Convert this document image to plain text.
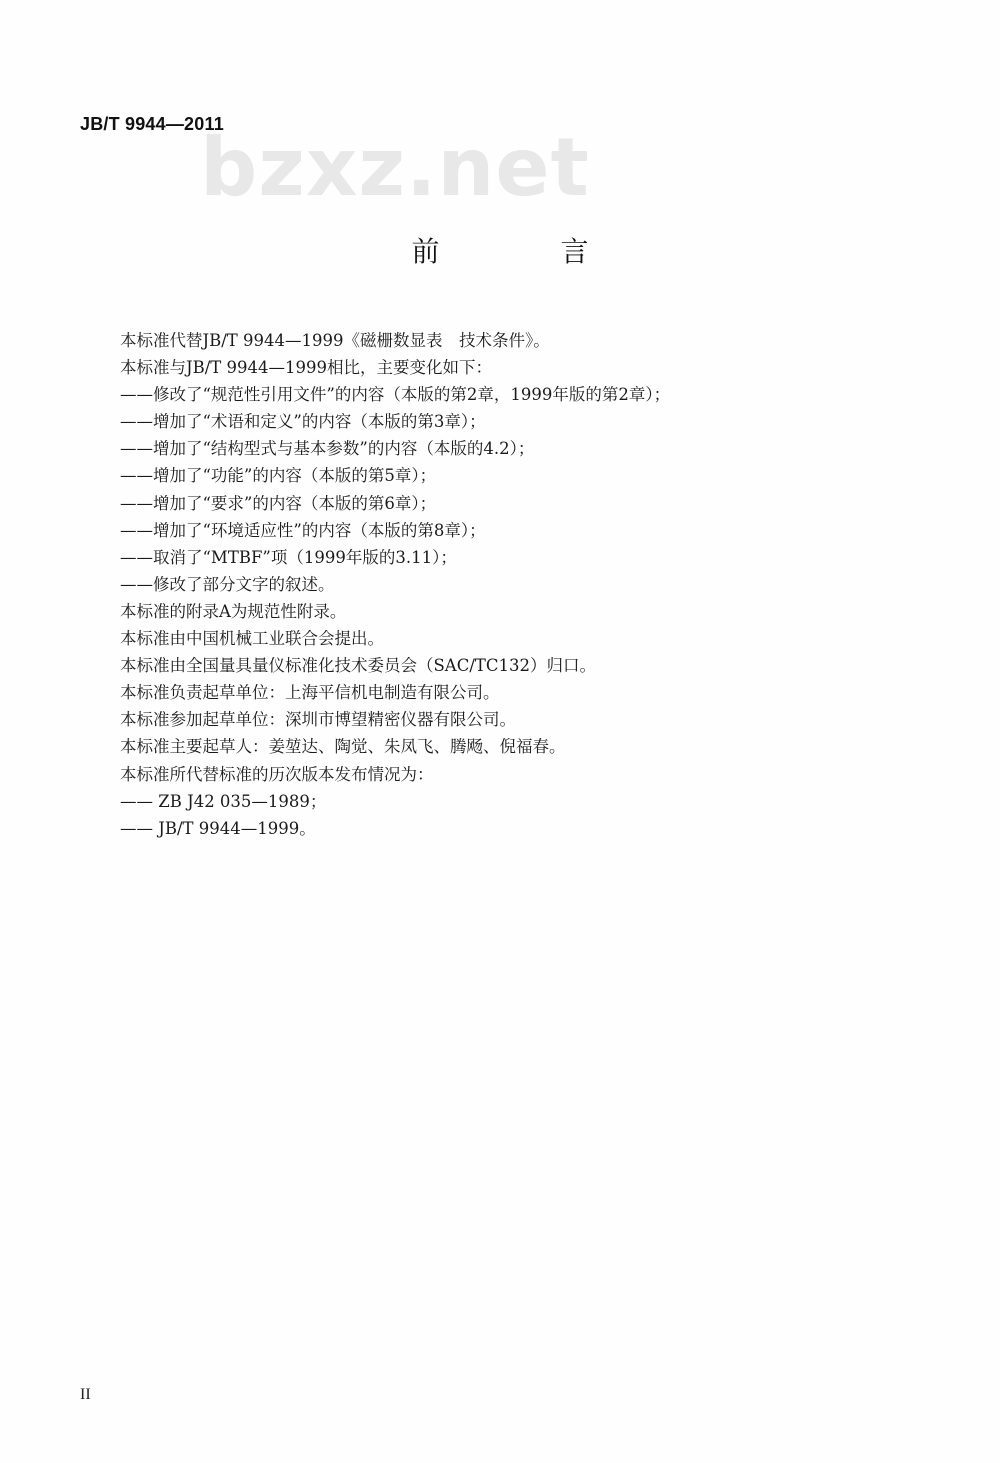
JB/T 9944—2011
bzxz.net
前 言
本标准代替JB/T 9944—1999《磁栅数显表　技术条件》。
本标准与JB/T 9944—1999相比，主要变化如下：
——修改了“规范性引用文件”的内容（本版的第2章，1999年版的第2章）；
——增加了“术语和定义”的内容（本版的第3章）；
——增加了“结构型式与基本参数”的内容（本版的4.2）；
——增加了“功能”的内容（本版的第5章）；
——增加了“要求”的内容（本版的第6章）；
——增加了“环境适应性”的内容（本版的第8章）；
——取消了“MTBF”项（1999年版的3.11）；
——修改了部分文字的叙述。
本标准的附录A为规范性附录。
本标准由中国机械工业联合会提出。
本标准由全国量具量仪标准化技术委员会（SAC/TC132）归口。
本标准负责起草单位：上海平信机电制造有限公司。
本标准参加起草单位：深圳市博望精密仪器有限公司。
本标准主要起草人：姜堃达、陶觉、朱凤飞、腾飏、倪福春。
本标准所代替标准的历次版本发布情况为：
—— ZB J42 035—1989；
—— JB/T 9944—1999。
II
